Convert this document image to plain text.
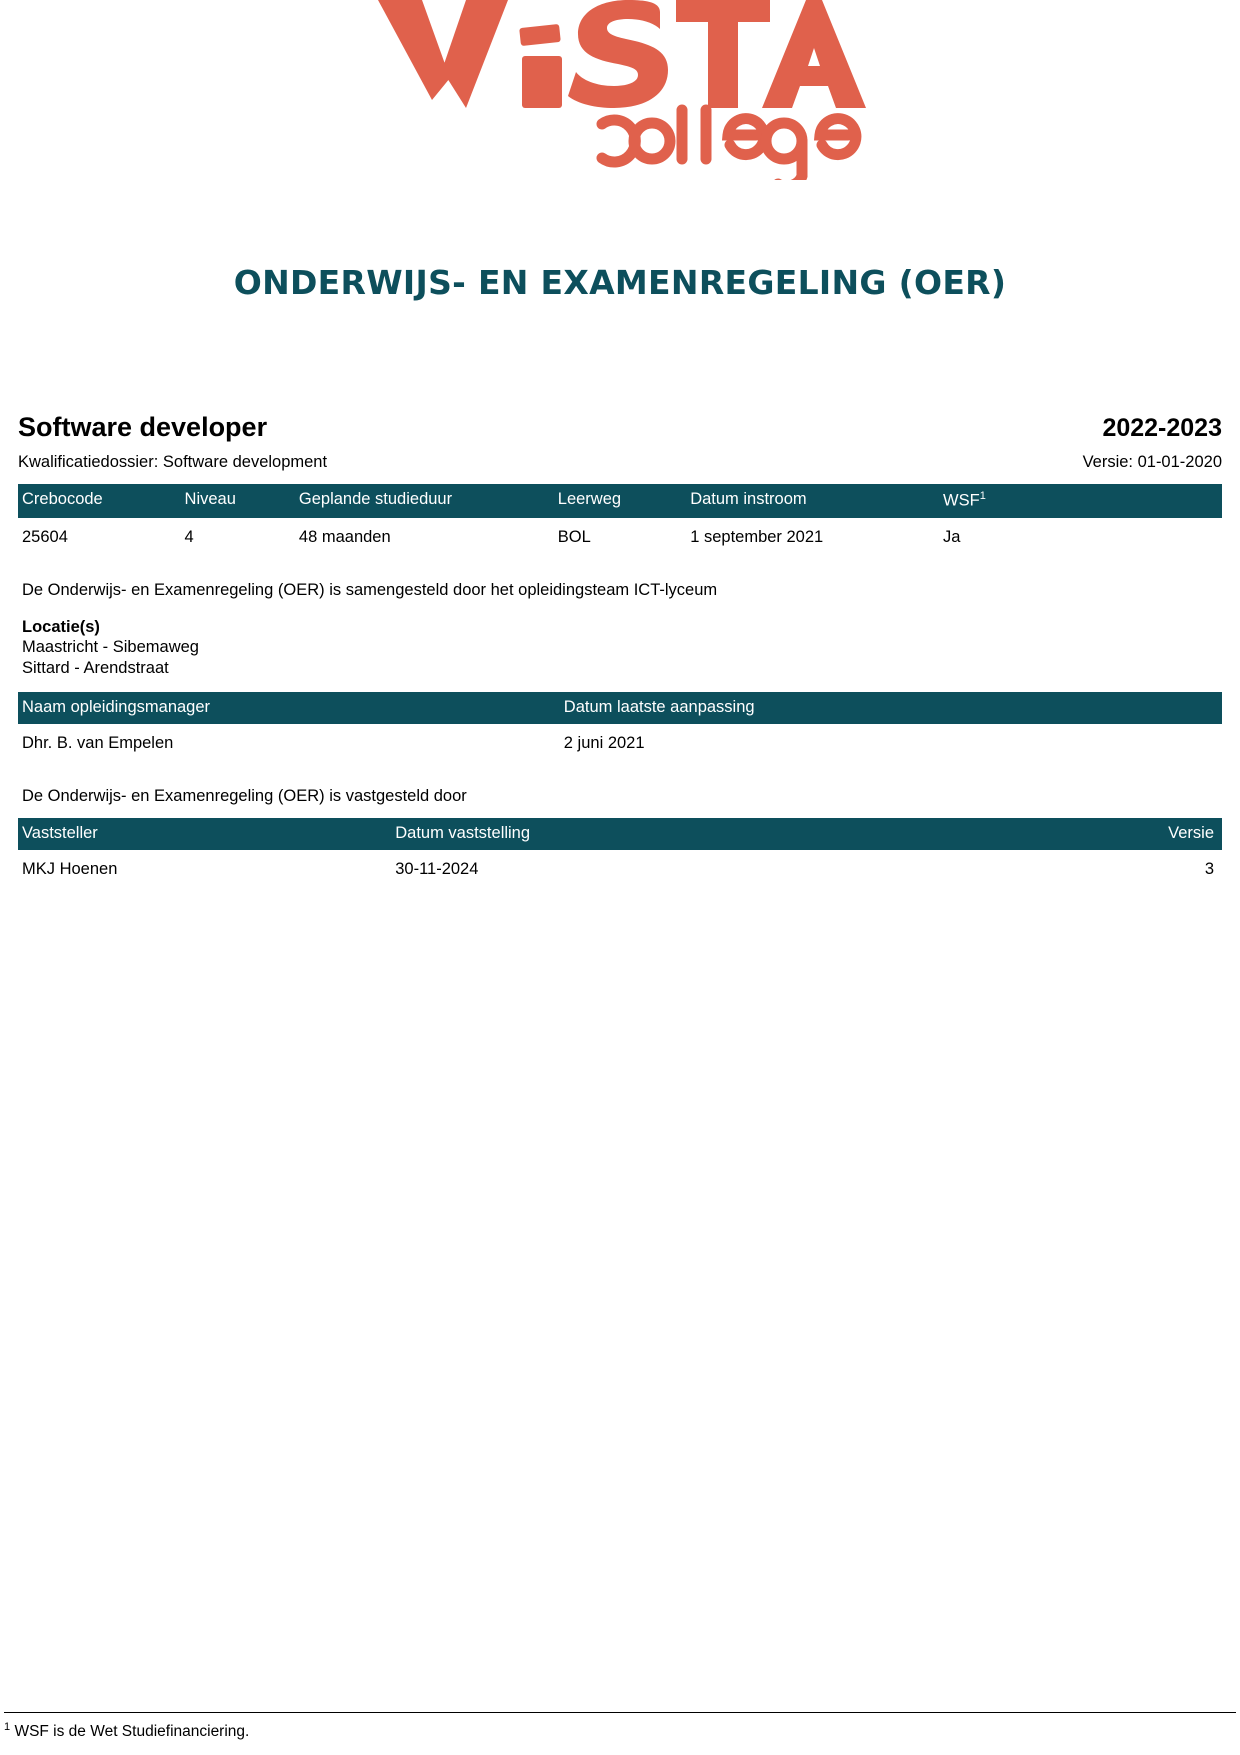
ONDERWIJS- EN EXAMENREGELING (OER)
Software developer	2022-2023
Kwalificatiedossier: Software development	Versie: 01-01-2020
Crebocode	Niveau	Geplande studieduur	Leerweg	Datum instroom	WSF$^1$
25604	4	48 maanden	BOL	1 september 2021	Ja
De Onderwijs- en Examenregeling (OER) is samengesteld door het opleidingsteam ICT-lyceum
Locatie(s)
Maastricht - Sibemaweg
Sittard - Arendstraat
Naam opleidingsmanager	Datum laatste aanpassing
Dhr. B. van Empelen	2 juni 2021
De Onderwijs- en Examenregeling (OER) is vastgesteld door
Vaststeller	Datum vaststelling	Versie
MKJ Hoenen	30-11-2024	3
$^1$ WSF is de Wet Studiefinanciering.
